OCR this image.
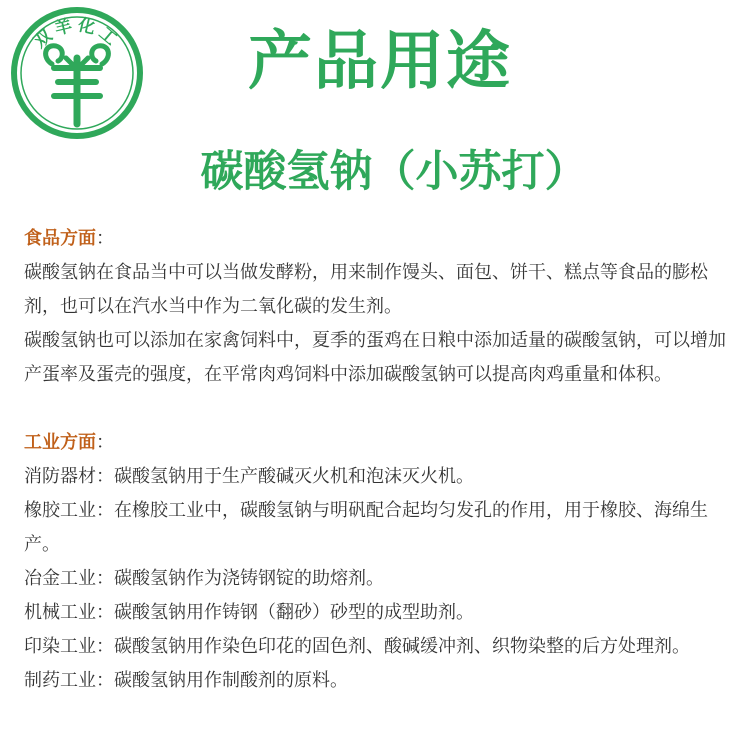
双羊化工	产品用途
碳酸氢钠（小苏打）

食品方面：

碳酸氢钠在食品当中可以当做发酵粉，用来制作馒头、面包、饼干、糕点等食品的膨松剂，也可以在汽水当中作为二氧化碳的发生剂。

碳酸氢钠也可以添加在家禽饲料中，夏季的蛋鸡在日粮中添加适量的碳酸氢钠，可以增加产蛋率及蛋壳的强度，在平常肉鸡饲料中添加碳酸氢钠可以提高肉鸡重量和体积。

工业方面：

消防器材：碳酸氢钠用于生产酸碱灭火机和泡沫灭火机。

橡胶工业：在橡胶工业中，碳酸氢钠与明矾配合起均匀发孔的作用，用于橡胶、海绵生产。

冶金工业：碳酸氢钠作为浇铸钢锭的助熔剂。

机械工业：碳酸氢钠用作铸钢（翻砂）砂型的成型助剂。

印染工业：碳酸氢钠用作染色印花的固色剂、酸碱缓冲剂、织物染整的后方处理剂。

制药工业：碳酸氢钠用作制酸剂的原料。
